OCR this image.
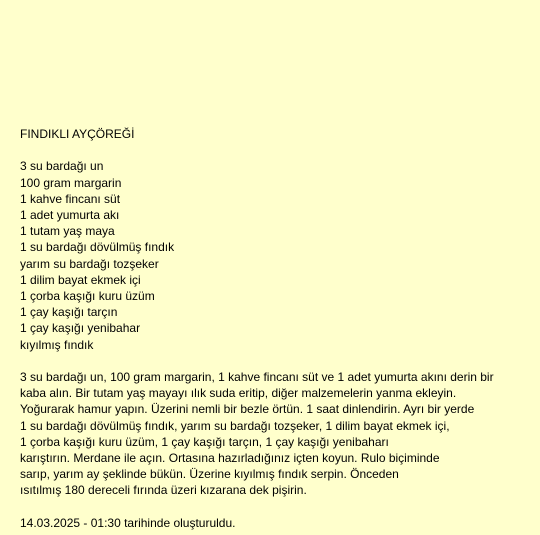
FINDIKLI AYÇÖREĞİ
3 su bardağı un
100 gram margarin
1 kahve fincanı süt
1 adet yumurta akı
1 tutam yaş maya
1 su bardağı dövülmüş fındık
yarım su bardağı tozşeker
1 dilim bayat ekmek içi
1 çorba kaşığı kuru üzüm
1 çay kaşığı tarçın
1 çay kaşığı yenibahar
kıyılmış fındık
3 su bardağı un, 100 gram margarin, 1 kahve fincanı süt ve 1 adet yumurta akını derin bir
kaba alın. Bir tutam yaş mayayı ılık suda eritip, diğer malzemelerin yanma ekleyin.
Yoğurarak hamur yapın. Üzerini nemli bir bezle örtün. 1 saat dinlendirin. Ayrı bir yerde
1 su bardağı dövülmüş fındık, yarım su bardağı tozşeker, 1 dilim bayat ekmek içi,
1 çorba kaşığı kuru üzüm, 1 çay kaşığı tarçın, 1 çay kaşığı yenibaharı
karıştırın. Merdane ile açın. Ortasına hazırladığınız içten koyun. Rulo biçiminde
sarıp, yarım ay şeklinde bükün. Üzerine kıyılmış fındık serpin. Önceden
ısıtılmış 180 dereceli fırında üzeri kızarana dek pişirin.
14.03.2025 - 01:30 tarihinde oluşturuldu.
